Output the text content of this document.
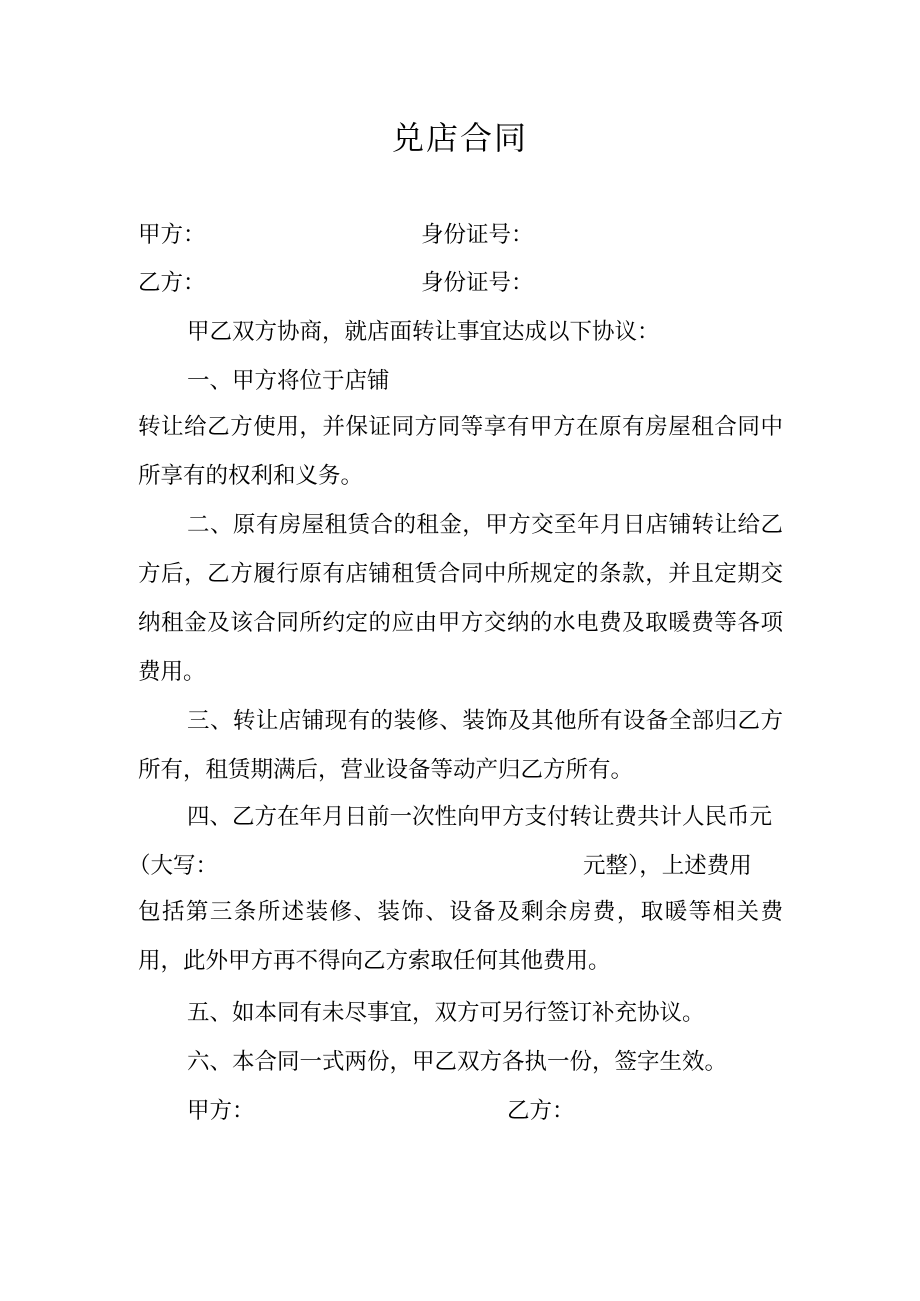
兑店合同
甲方：	身份证号：
乙方：	身份证号：
甲乙双方协商，就店面转让事宜达成以下协议：
一、甲方将位于店铺

转让给乙方使用，并保证同方同等享有甲方在原有房屋租合同中所享有的权利和义务。

二、原有房屋租赁合的租金，甲方交至年月日店铺转让给乙方后，乙方履行原有店铺租赁合同中所规定的条款，并且定期交纳租金及该合同所约定的应由甲方交纳的水电费及取暖费等各项费用。

三、转让店铺现有的装修、装饰及其他所有设备全部归乙方所有，租赁期满后，营业设备等动产归乙方所有。

四、乙方在年月日前一次性向甲方支付转让费共计人民币元
（大写：	元整），上述费用

包括第三条所述装修、装饰、设备及剩余房费，取暖等相关费用，此外甲方再不得向乙方索取任何其他费用。

五、如本同有未尽事宜，双方可另行签订补充协议。
六、本合同一式两份，甲乙双方各执一份，签字生效。
甲方：	乙方：
